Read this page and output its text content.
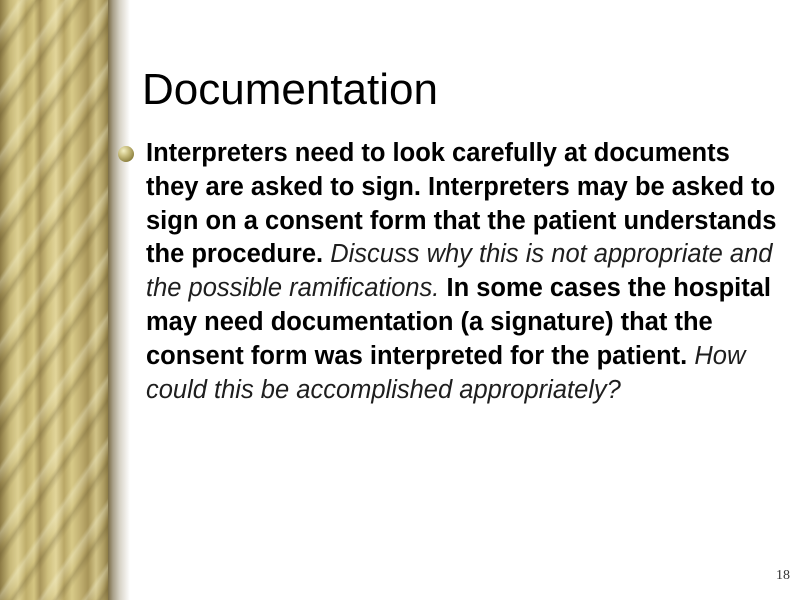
Documentation
Interpreters need to look carefully at documents they are asked to sign. Interpreters may be asked to sign on a consent form that the patient understands the procedure. Discuss why this is not appropriate and the possible ramifications. In some cases the hospital may need documentation (a signature) that the consent form was interpreted for the patient. How could this be accomplished appropriately?
18
